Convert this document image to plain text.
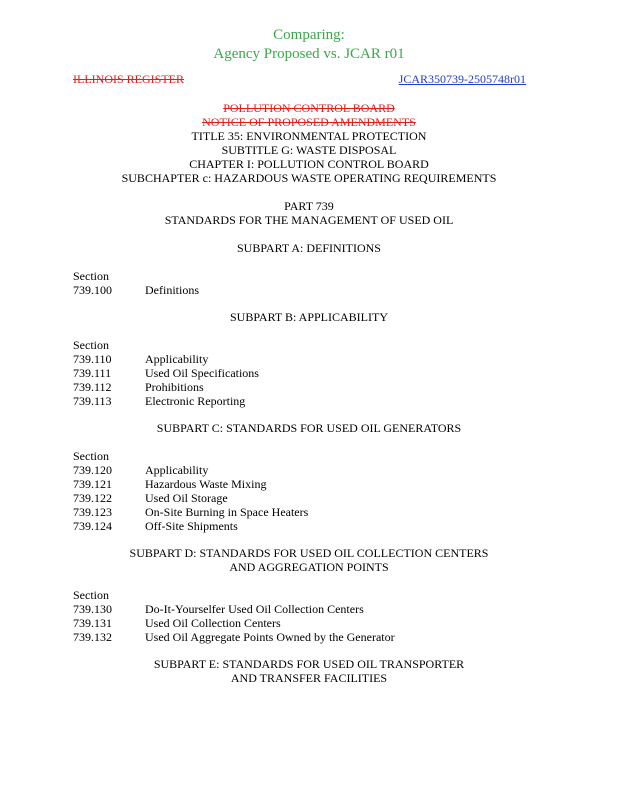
Comparing:
Agency Proposed vs. JCAR r01
ILLINOIS REGISTER	JCAR350739-2505748r01
POLLUTION CONTROL BOARD
NOTICE OF PROPOSED AMENDMENTS
TITLE 35: ENVIRONMENTAL PROTECTION
SUBTITLE G: WASTE DISPOSAL
CHAPTER I: POLLUTION CONTROL BOARD
SUBCHAPTER c: HAZARDOUS WASTE OPERATING REQUIREMENTS
PART 739
STANDARDS FOR THE MANAGEMENT OF USED OIL
SUBPART A: DEFINITIONS
Section
739.100	Definitions
SUBPART B: APPLICABILITY
Section
739.110	Applicability
739.111	Used Oil Specifications
739.112	Prohibitions
739.113	Electronic Reporting
SUBPART C: STANDARDS FOR USED OIL GENERATORS
Section
739.120	Applicability
739.121	Hazardous Waste Mixing
739.122	Used Oil Storage
739.123	On-Site Burning in Space Heaters
739.124	Off-Site Shipments
SUBPART D: STANDARDS FOR USED OIL COLLECTION CENTERS
AND AGGREGATION POINTS
Section
739.130	Do-It-Yourselfer Used Oil Collection Centers
739.131	Used Oil Collection Centers
739.132	Used Oil Aggregate Points Owned by the Generator
SUBPART E: STANDARDS FOR USED OIL TRANSPORTER
AND TRANSFER FACILITIES
